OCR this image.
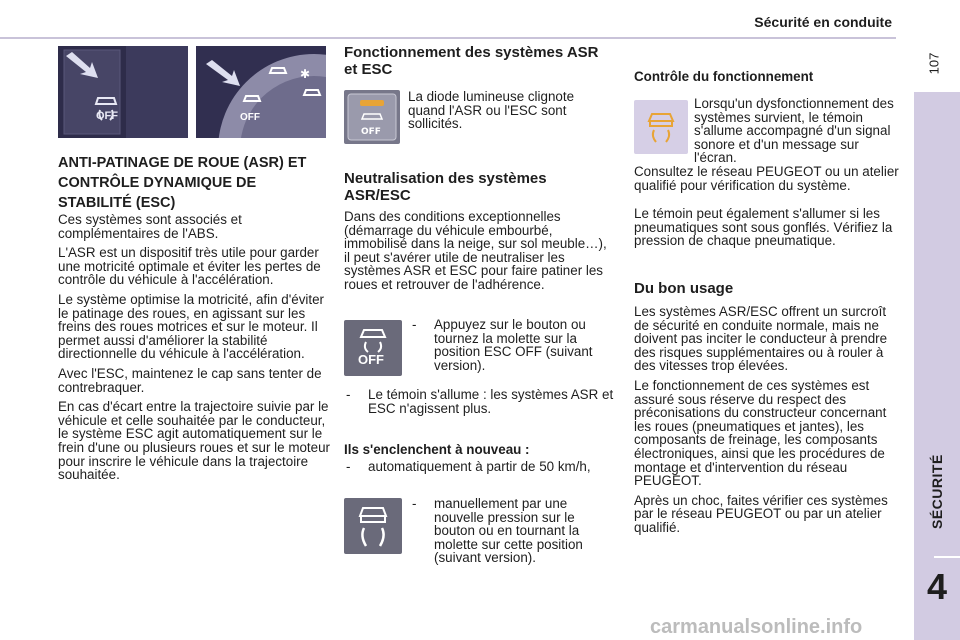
Sécurité en conduite
107
SÉCURITÉ
4
OFF
✱
OFF
ANTI-PATINAGE DE ROUE (ASR) ET CONTRÔLE DYNAMIQUE DE STABILITÉ (ESC)

Ces systèmes sont associés et complémentaires de l'ABS.

L'ASR est un dispositif très utile pour garder une motricité optimale et éviter les pertes de contrôle du véhicule à l'accélération.

Le système optimise la motricité, afin d'éviter le patinage des roues, en agissant sur les freins des roues motrices et sur le moteur. Il permet aussi d'améliorer la stabilité directionnelle du véhicule à l'accélération.

Avec l'ESC, maintenez le cap sans tenter de contrebraquer.

En cas d'écart entre la trajectoire suivie par le véhicule et celle souhaitée par le conducteur, le système ESC agit automatiquement sur le frein d'une ou plusieurs roues et sur le moteur pour inscrire le véhicule dans la trajectoire souhaitée.

Fonctionnement des systèmes ASR et ESC
OFF
La diode lumineuse clignote quand l'ASR ou l'ESC sont sollicités.
Neutralisation des systèmes ASR/ESC
Dans des conditions exceptionnelles (démarrage du véhicule embourbé, immobilisé dans la neige, sur sol meuble…), il peut s'avérer utile de neutraliser les systèmes ASR et ESC pour faire patiner les roues et retrouver de l'adhérence.
OFF
-	Appuyez sur le bouton ou tournez la molette sur la position ESC OFF (suivant version).
-	Le témoin s'allume : les systèmes ASR et ESC n'agissent plus.
Ils s'enclenchent à nouveau :
-	automatiquement à partir de 50 km/h,
-	manuellement par une nouvelle pression sur le bouton ou en tournant la molette sur cette position (suivant version).
Contrôle du fonctionnement
Lorsqu'un dysfonctionnement des systèmes survient, le témoin s'allume accompagné d'un signal sonore et d'un message sur l'écran.
Consultez le réseau PEUGEOT ou un atelier qualifié pour vérification du système.
Le témoin peut également s'allumer si les pneumatiques sont sous gonflés. Vérifiez la pression de chaque pneumatique.
Du bon usage

Les systèmes ASR/ESC offrent un surcroît de sécurité en conduite normale, mais ne doivent pas inciter le conducteur à prendre des risques supplémentaires ou à rouler à des vitesses trop élevées.

Le fonctionnement de ces systèmes est assuré sous réserve du respect des préconisations du constructeur concernant les roues (pneumatiques et jantes), les composants de freinage, les composants électroniques, ainsi que les procédures de montage et d'intervention du réseau PEUGEOT.

Après un choc, faites vérifier ces systèmes par le réseau PEUGEOT ou par un atelier qualifié.

carmanualsonline.info
